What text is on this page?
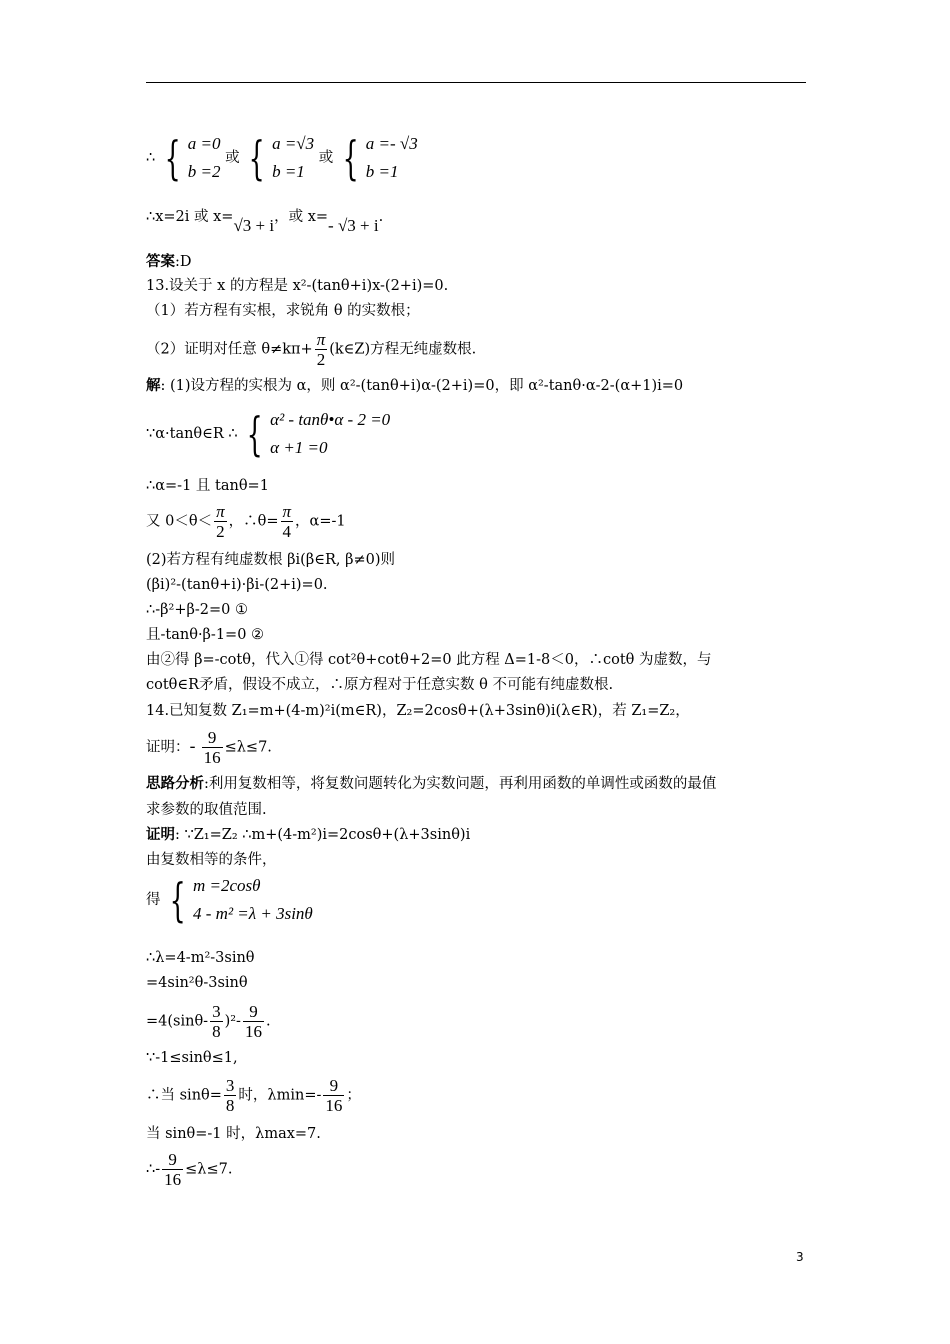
∴ { a =0
b =2
或 { a =√3
b =1
或 { a =- √3
b =1
∴x=2i 或 x=√3 + i，或 x=- √3 + i.
答案:D
13.设关于 x 的方程是 x²-(tanθ+i)x-(2+i)=0.
（1）若方程有实根，求锐角 θ 的实数根；
（2）证明对任意 $\theta\ne k\pi+ \frac{\pi}{2}$ (k∈Z)方程无纯虚数根.
解: (1)设方程的实根为 α，则 α²-(tanθ+i)α-(2+i)=0，即 α²-tanθ·α-2-(α+1)i=0
∵α·tanθ∈R ∴ { α² - tanθ•α - 2 =0
α +1 =0
∴α=-1 且 tanθ=1
又 $0<\theta< \frac{\pi}{2}$ ，∴θ= $\frac{\pi}{4}$ ，α=-1
(2)若方程有纯虚数根 βi(β∈R, β≠0)则
(βi)²-(tanθ+i)·βi-(2+i)=0.
∴-β²+β-2=0 ①
且-tanθ·β-1=0 ②
由②得 β=-cotθ，代入①得 cot²θ+cotθ+2=0 此方程 Δ=1-8＜0，∴cotθ 为虚数，与
cotθ∈R矛盾，假设不成立，∴原方程对于任意实数 θ 不可能有纯虚数根.
14.已知复数 Z₁=m+(4-m)²i(m∈R)，Z₂=2cosθ+(λ+3sinθ)i(λ∈R)，若 Z₁=Z₂，
证明：- $\frac{9}{16} \le\lambda\le 7$.
思路分析:利用复数相等，将复数问题转化为实数问题，再利用函数的单调性或函数的最值
求参数的取值范围.
证明: ∵Z₁=Z₂ ∴m+(4-m²)i=2cosθ+(λ+3sinθ)i
由复数相等的条件，
得 { m =2cosθ
4 - m² =λ + 3sinθ
∴λ=4-m²-3sinθ
=4sin²θ-3sinθ
$=4(\sin\theta- \frac{3}{8} )^2- \frac{9}{16}$ .
∵-1≤sinθ≤1,
∴当 $\sin\theta= \frac{3}{8}$ 时，$\lambda\min=- \frac{9}{16}$ ；
当 sinθ=-1 时，λmax=7.
∴- $\frac{9}{16} \le\lambda\le 7$.
3
